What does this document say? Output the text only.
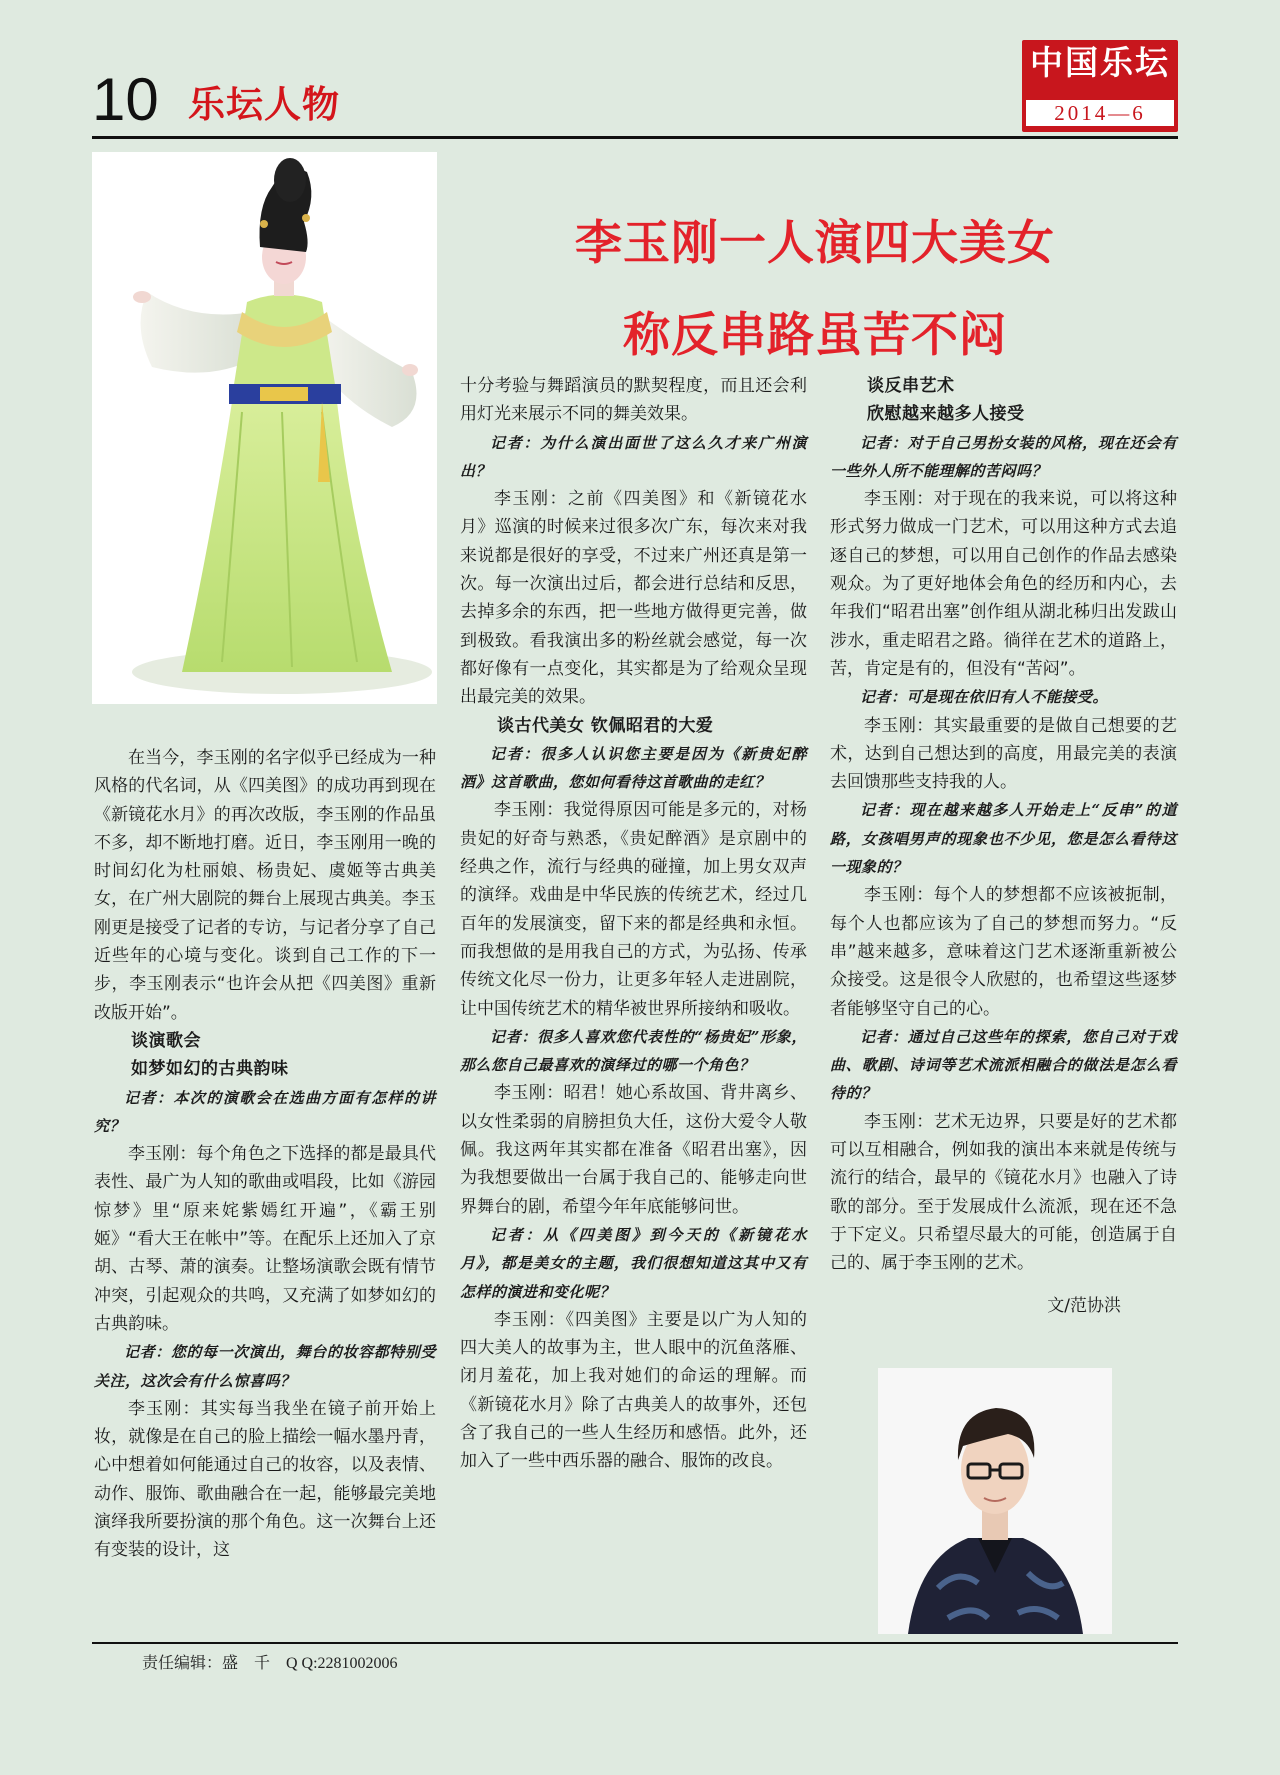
10 乐坛人物
中国乐坛
2014—6
李玉刚一人演四大美女
称反串路虽苦不闷

在当今，李玉刚的名字似乎已经成为一种风格的代名词，从《四美图》的成功再到现在《新镜花水月》的再次改版，李玉刚的作品虽不多，却不断地打磨。近日，李玉刚用一晚的时间幻化为杜丽娘、杨贵妃、虞姬等古典美女，在广州大剧院的舞台上展现古典美。李玉刚更是接受了记者的专访，与记者分享了自己近些年的心境与变化。谈到自己工作的下一步，李玉刚表示“也许会从把《四美图》重新改版开始”。

谈演歌会

如梦如幻的古典韵味

记者：本次的演歌会在选曲方面有怎样的讲究？

李玉刚：每个角色之下选择的都是最具代表性、最广为人知的歌曲或唱段，比如《游园惊梦》里“原来姹紫嫣红开遍”，《霸王别姬》“看大王在帐中”等。在配乐上还加入了京胡、古琴、萧的演奏。让整场演歌会既有情节冲突，引起观众的共鸣，又充满了如梦如幻的古典韵味。

记者：您的每一次演出，舞台的妆容都特别受关注，这次会有什么惊喜吗？

李玉刚：其实每当我坐在镜子前开始上妆，就像是在自己的脸上描绘一幅水墨丹青，心中想着如何能通过自己的妆容，以及表情、动作、服饰、歌曲融合在一起，能够最完美地演绎我所要扮演的那个角色。这一次舞台上还有变装的设计，这

十分考验与舞蹈演员的默契程度，而且还会利用灯光来展示不同的舞美效果。

记者：为什么演出面世了这么久才来广州演出？

李玉刚：之前《四美图》和《新镜花水月》巡演的时候来过很多次广东，每次来对我来说都是很好的享受，不过来广州还真是第一次。每一次演出过后，都会进行总结和反思，去掉多余的东西，把一些地方做得更完善，做到极致。看我演出多的粉丝就会感觉，每一次都好像有一点变化，其实都是为了给观众呈现出最完美的效果。

谈古代美女 钦佩昭君的大爱

记者：很多人认识您主要是因为《新贵妃醉酒》这首歌曲，您如何看待这首歌曲的走红？

李玉刚：我觉得原因可能是多元的，对杨贵妃的好奇与熟悉，《贵妃醉酒》是京剧中的经典之作，流行与经典的碰撞，加上男女双声的演绎。戏曲是中华民族的传统艺术，经过几百年的发展演变，留下来的都是经典和永恒。而我想做的是用我自己的方式，为弘扬、传承传统文化尽一份力，让更多年轻人走进剧院，让中国传统艺术的精华被世界所接纳和吸收。

记者：很多人喜欢您代表性的“杨贵妃”形象，那么您自己最喜欢的演绎过的哪一个角色？

李玉刚：昭君！她心系故国、背井离乡、以女性柔弱的肩膀担负大任，这份大爱令人敬佩。我这两年其实都在准备《昭君出塞》，因为我想要做出一台属于我自己的、能够走向世界舞台的剧，希望今年年底能够问世。

记者：从《四美图》到今天的《新镜花水月》，都是美女的主题，我们很想知道这其中又有怎样的演进和变化呢？

李玉刚：《四美图》主要是以广为人知的四大美人的故事为主，世人眼中的沉鱼落雁、闭月羞花，加上我对她们的命运的理解。而《新镜花水月》除了古典美人的故事外，还包含了我自己的一些人生经历和感悟。此外，还加入了一些中西乐器的融合、服饰的改良。

谈反串艺术

欣慰越来越多人接受

记者：对于自己男扮女装的风格，现在还会有一些外人所不能理解的苦闷吗？

李玉刚：对于现在的我来说，可以将这种形式努力做成一门艺术，可以用这种方式去追逐自己的梦想，可以用自己创作的作品去感染观众。为了更好地体会角色的经历和内心，去年我们“昭君出塞”创作组从湖北秭归出发跋山涉水，重走昭君之路。徜徉在艺术的道路上，苦，肯定是有的，但没有“苦闷”。

记者：可是现在依旧有人不能接受。

李玉刚：其实最重要的是做自己想要的艺术，达到自己想达到的高度，用最完美的表演去回馈那些支持我的人。

记者：现在越来越多人开始走上“反串”的道路，女孩唱男声的现象也不少见，您是怎么看待这一现象的？

李玉刚：每个人的梦想都不应该被扼制，每个人也都应该为了自己的梦想而努力。“反串”越来越多，意味着这门艺术逐渐重新被公众接受。这是很令人欣慰的，也希望这些逐梦者能够坚守自己的心。

记者：通过自己这些年的探索，您自己对于戏曲、歌剧、诗词等艺术流派相融合的做法是怎么看待的？

李玉刚：艺术无边界，只要是好的艺术都可以互相融合，例如我的演出本来就是传统与流行的结合，最早的《镜花水月》也融入了诗歌的部分。至于发展成什么流派，现在还不急于下定义。只希望尽最大的可能，创造属于自己的、属于李玉刚的艺术。

文/范协洪

责任编辑：盛　千　Q Q:2281002006
